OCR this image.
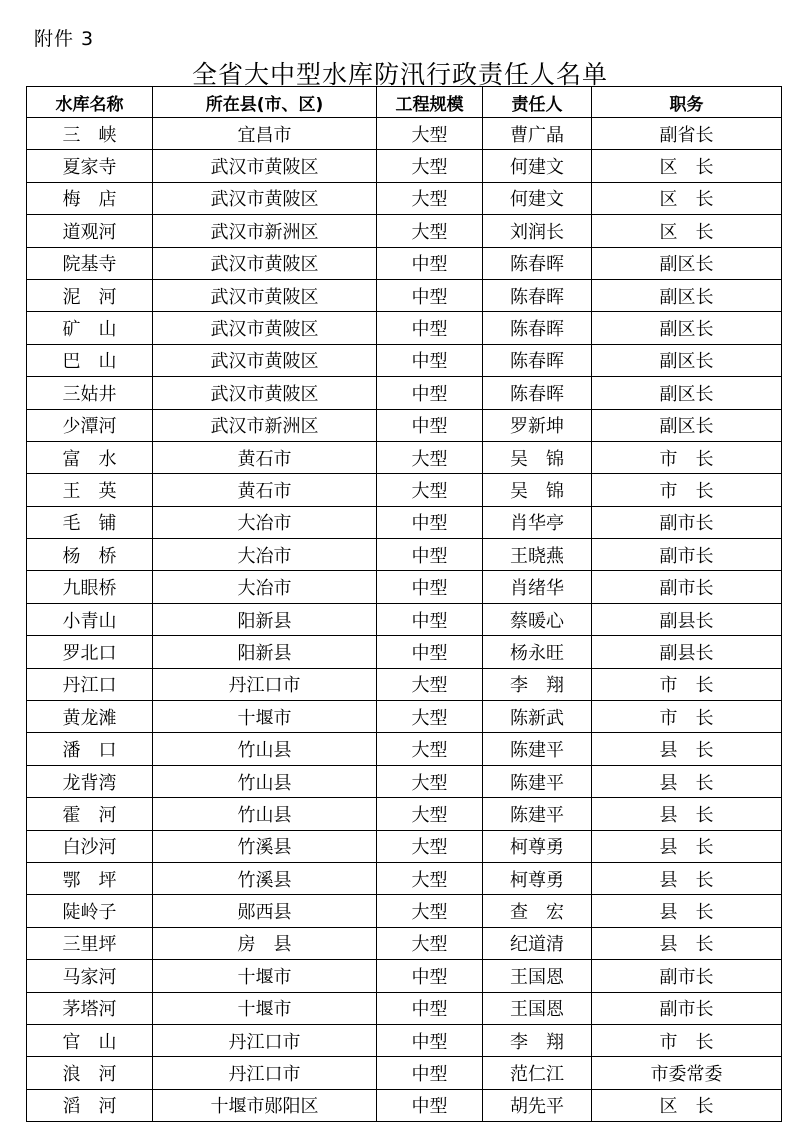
附件 3
全省大中型水库防汛行政责任人名单
水库名称	所在县(市、区)	工程规模	责任人	职务
三　峡	宜昌市	大型	曹广晶	副省长
夏家寺	武汉市黄陂区	大型	何建文	区　长
梅　店	武汉市黄陂区	大型	何建文	区　长
道观河	武汉市新洲区	大型	刘润长	区　长
院基寺	武汉市黄陂区	中型	陈春晖	副区长
泥　河	武汉市黄陂区	中型	陈春晖	副区长
矿　山	武汉市黄陂区	中型	陈春晖	副区长
巴　山	武汉市黄陂区	中型	陈春晖	副区长
三姑井	武汉市黄陂区	中型	陈春晖	副区长
少潭河	武汉市新洲区	中型	罗新坤	副区长
富　水	黄石市	大型	吴　锦	市　长
王　英	黄石市	大型	吴　锦	市　长
毛　铺	大冶市	中型	肖华亭	副市长
杨　桥	大冶市	中型	王晓燕	副市长
九眼桥	大冶市	中型	肖绪华	副市长
小青山	阳新县	中型	蔡暖心	副县长
罗北口	阳新县	中型	杨永旺	副县长
丹江口	丹江口市	大型	李　翔	市　长
黄龙滩	十堰市	大型	陈新武	市　长
潘　口	竹山县	大型	陈建平	县　长
龙背湾	竹山县	大型	陈建平	县　长
霍　河	竹山县	大型	陈建平	县　长
白沙河	竹溪县	大型	柯尊勇	县　长
鄂　坪	竹溪县	大型	柯尊勇	县　长
陡岭子	郧西县	大型	查　宏	县　长
三里坪	房　县	大型	纪道清	县　长
马家河	十堰市	中型	王国恩	副市长
茅塔河	十堰市	中型	王国恩	副市长
官　山	丹江口市	中型	李　翔	市　长
浪　河	丹江口市	中型	范仁江	市委常委
滔　河	十堰市郧阳区	中型	胡先平	区　长
